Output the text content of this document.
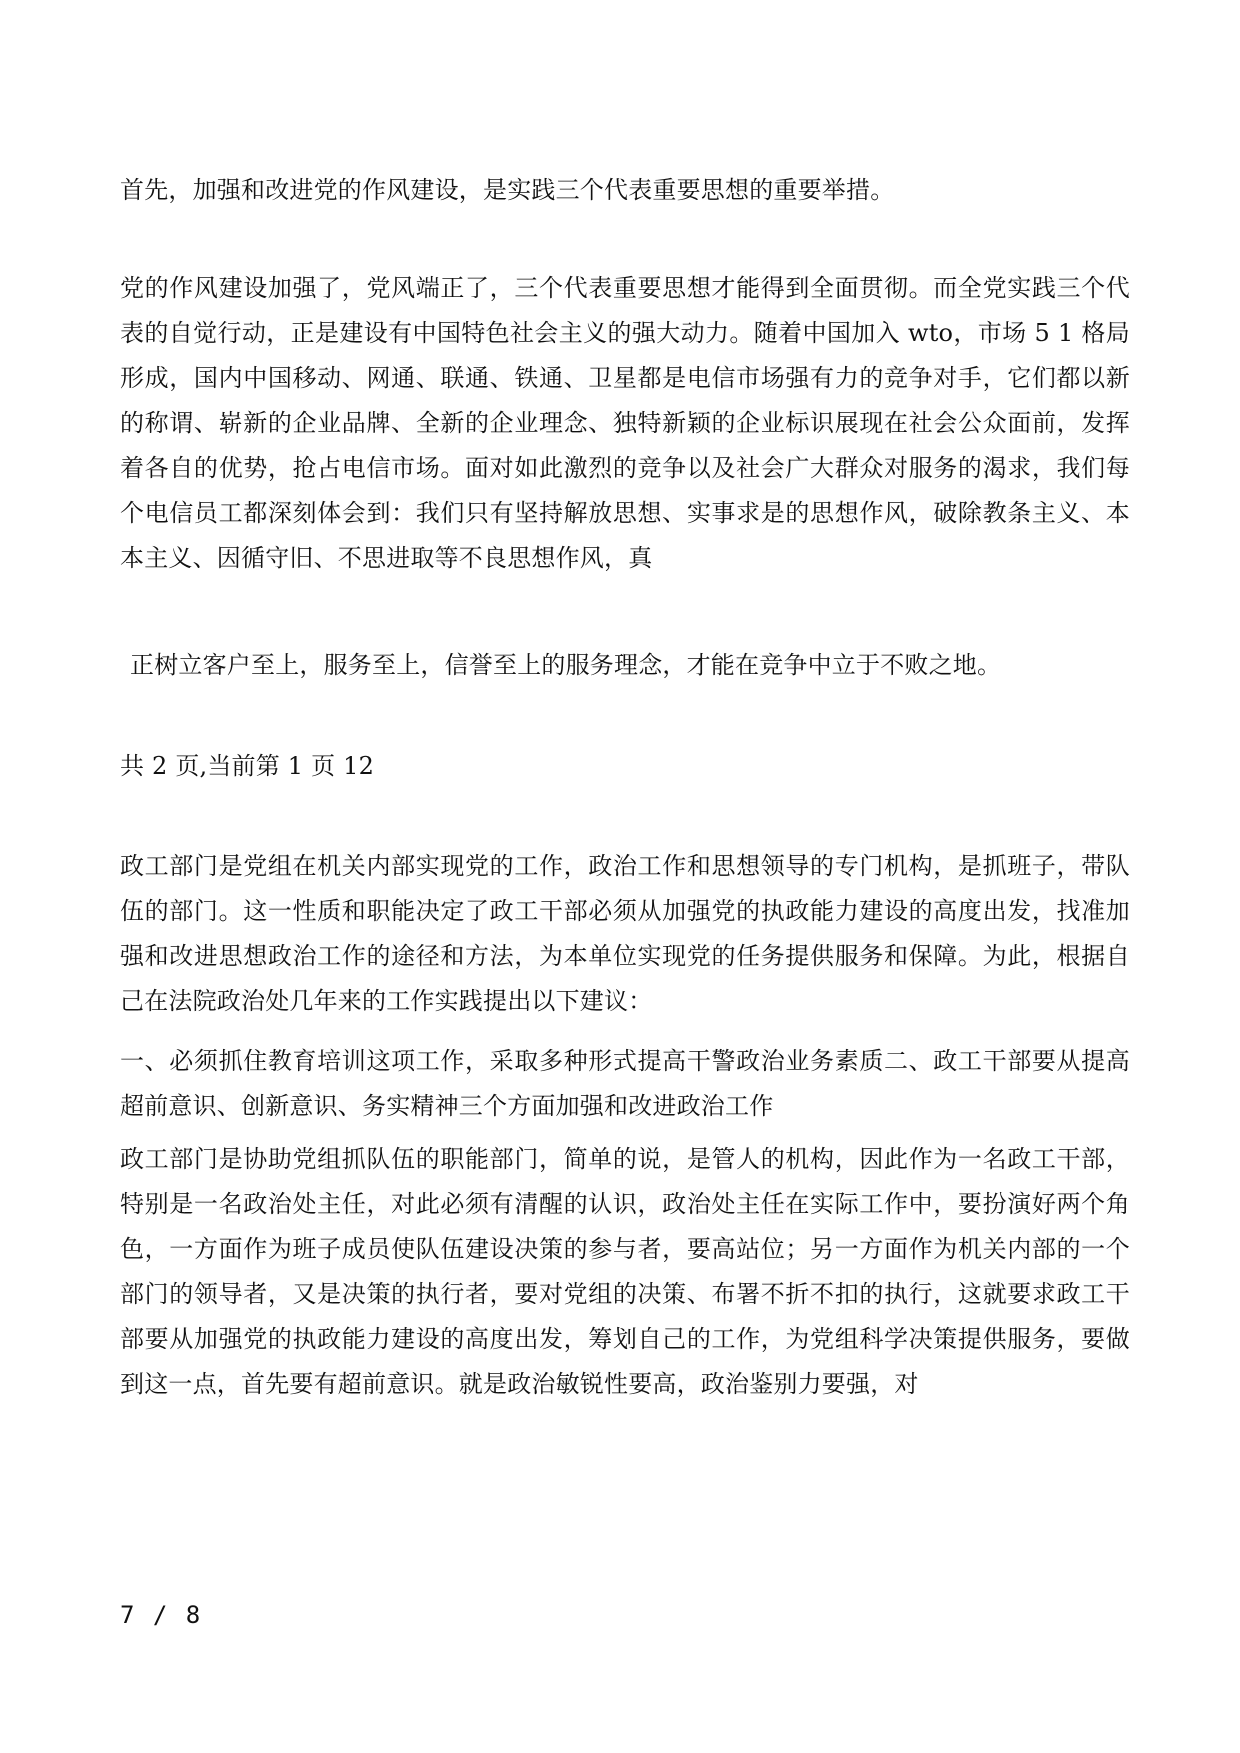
首先，加强和改进党的作风建设，是实践三个代表重要思想的重要举措。

党的作风建设加强了，党风端正了，三个代表重要思想才能得到全面贯彻。而全党实践三个代表的自觉行动，正是建设有中国特色社会主义的强大动力。随着中国加入 wto，市场 5 1 格局形成，国内中国移动、网通、联通、铁通、卫星都是电信市场强有力的竞争对手，它们都以新的称谓、崭新的企业品牌、全新的企业理念、独特新颖的企业标识展现在社会公众面前，发挥着各自的优势，抢占电信市场。面对如此激烈的竞争以及社会广大群众对服务的渴求，我们每个电信员工都深刻体会到：我们只有坚持解放思想、实事求是的思想作风，破除教条主义、本本主义、因循守旧、不思进取等不良思想作风，真

正树立客户至上，服务至上，信誉至上的服务理念，才能在竞争中立于不败之地。

共 2 页,当前第 1 页 12

政工部门是党组在机关内部实现党的工作，政治工作和思想领导的专门机构，是抓班子，带队伍的部门。这一性质和职能决定了政工干部必须从加强党的执政能力建设的高度出发，找准加强和改进思想政治工作的途径和方法，为本单位实现党的任务提供服务和保障。为此，根据自己在法院政治处几年来的工作实践提出以下建议：

一、必须抓住教育培训这项工作，采取多种形式提高干警政治业务素质二、政工干部要从提高超前意识、创新意识、务实精神三个方面加强和改进政治工作

政工部门是协助党组抓队伍的职能部门，简单的说，是管人的机构，因此作为一名政工干部，特别是一名政治处主任，对此必须有清醒的认识，政治处主任在实际工作中，要扮演好两个角色，一方面作为班子成员使队伍建设决策的参与者，要高站位；另一方面作为机关内部的一个部门的领导者，又是决策的执行者，要对党组的决策、布署不折不扣的执行，这就要求政工干部要从加强党的执政能力建设的高度出发，筹划自己的工作，为党组科学决策提供服务，要做到这一点，首先要有超前意识。就是政治敏锐性要高，政治鉴别力要强，对

7 / 8
